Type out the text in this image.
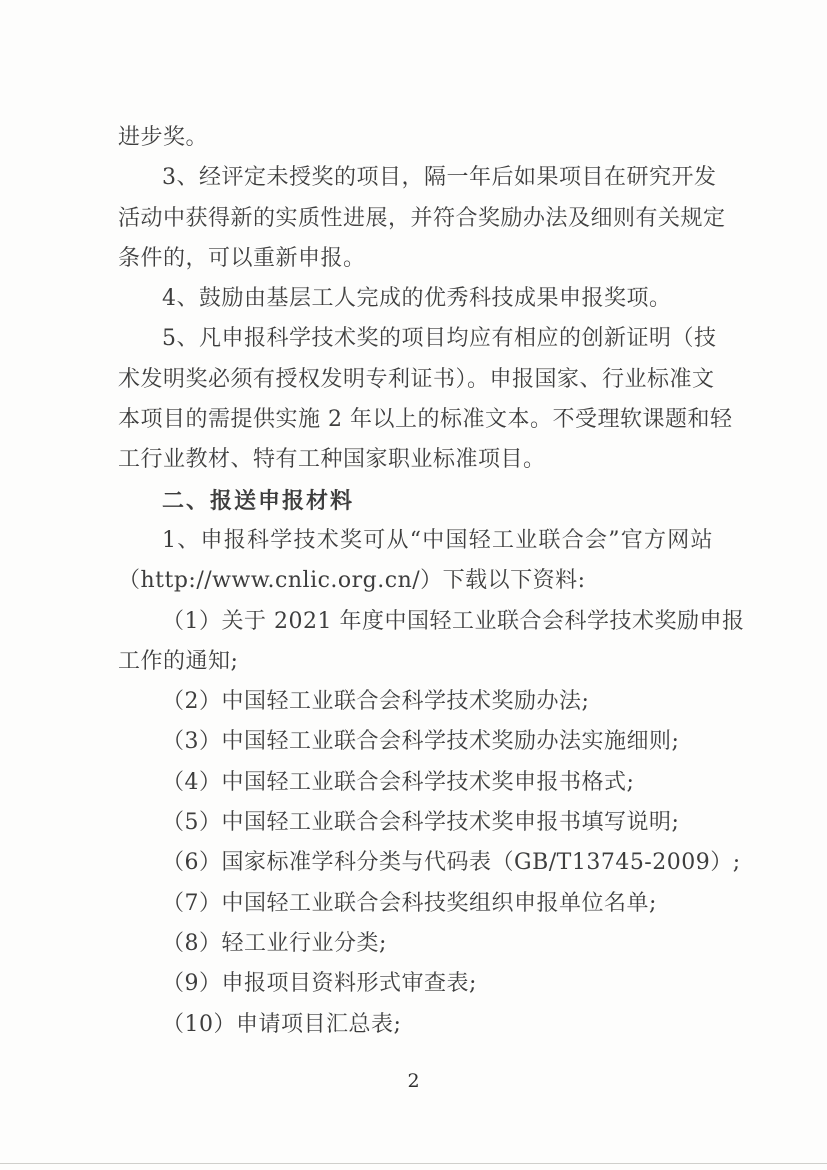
进步奖。
3、经评定未授奖的项目，隔一年后如果项目在研究开发
活动中获得新的实质性进展，并符合奖励办法及细则有关规定
条件的，可以重新申报。
4、鼓励由基层工人完成的优秀科技成果申报奖项。
5、凡申报科学技术奖的项目均应有相应的创新证明（技
术发明奖必须有授权发明专利证书）。申报国家、行业标准文
本项目的需提供实施 2 年以上的标准文本。不受理软课题和轻
工行业教材、特有工种国家职业标准项目。
二、报送申报材料
1、申报科学技术奖可从“中国轻工业联合会”官方网站
（http://www.cnlic.org.cn/）下载以下资料:
（1）关于 2021 年度中国轻工业联合会科学技术奖励申报
工作的通知;
（2）中国轻工业联合会科学技术奖励办法;
（3）中国轻工业联合会科学技术奖励办法实施细则;
（4）中国轻工业联合会科学技术奖申报书格式;
（5）中国轻工业联合会科学技术奖申报书填写说明;
（6）国家标准学科分类与代码表（GB/T13745-2009）;
（7）中国轻工业联合会科技奖组织申报单位名单;
（8）轻工业行业分类;
（9）申报项目资料形式审查表;
（10）申请项目汇总表;
2
